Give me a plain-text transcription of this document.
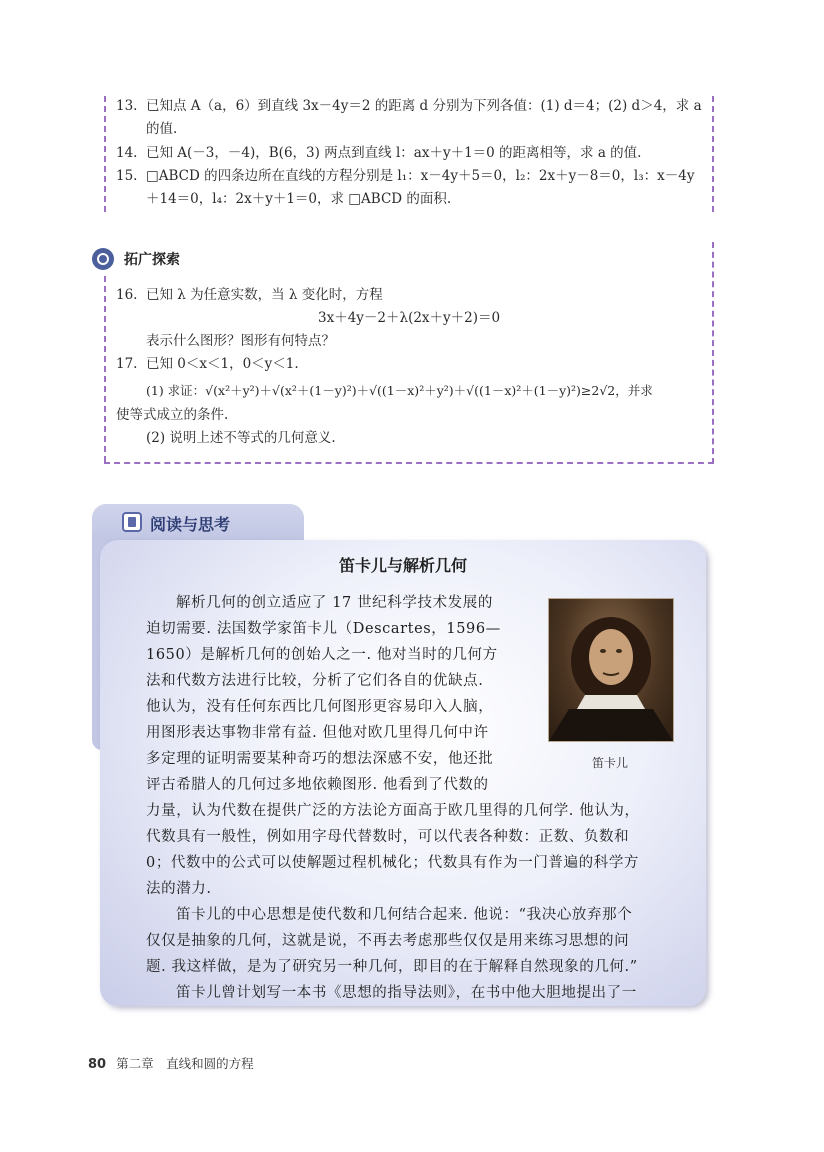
13. 已知点 A（a，6）到直线 3x－4y＝2 的距离 d 分别为下列各值：(1) d＝4；(2) d＞4，求 a
的值.
14. 已知 A(－3，－4)，B(6，3) 两点到直线 l：ax＋y＋1＝0 的距离相等，求 a 的值.
15. □ABCD 的四条边所在直线的方程分别是 l₁：x－4y＋5＝0，l₂：2x＋y－8＝0，l₃：x－4y
＋14＝0，l₄：2x＋y＋1＝0，求 □ABCD 的面积.
拓广探索
16. 已知 λ 为任意实数，当 λ 变化时，方程
3x＋4y－2＋λ(2x＋y＋2)＝0
表示什么图形？图形有何特点？
17. 已知 0＜x＜1，0＜y＜1.
(1) 求证：√(x²＋y²)＋√(x²＋(1－y)²)＋√((1－x)²＋y²)＋√((1－x)²＋(1－y)²)≥2√2，并求
使等式成立的条件.
(2) 说明上述不等式的几何意义.
阅读与思考
笛卡儿与解析几何
笛卡儿
解析几何的创立适应了 17 世纪科学技术发展的
迫切需要. 法国数学家笛卡儿（Descartes，1596—
1650）是解析几何的创始人之一. 他对当时的几何方
法和代数方法进行比较，分析了它们各自的优缺点.
他认为，没有任何东西比几何图形更容易印入人脑，
用图形表达事物非常有益. 但他对欧几里得几何中许
多定理的证明需要某种奇巧的想法深感不安，他还批
评古希腊人的几何过多地依赖图形. 他看到了代数的
力量，认为代数在提供广泛的方法论方面高于欧几里得的几何学. 他认为，
代数具有一般性，例如用字母代替数时，可以代表各种数：正数、负数和
0；代数中的公式可以使解题过程机械化；代数具有作为一门普遍的科学方
法的潜力.
笛卡儿的中心思想是使代数和几何结合起来. 他说：“我决心放弃那个
仅仅是抽象的几何，这就是说，不再去考虑那些仅仅是用来练习思想的问
题. 我这样做，是为了研究另一种几何，即目的在于解释自然现象的几何.”
笛卡儿曾计划写一本书《思想的指导法则》，在书中他大胆地提出了一
80 第二章　直线和圆的方程
